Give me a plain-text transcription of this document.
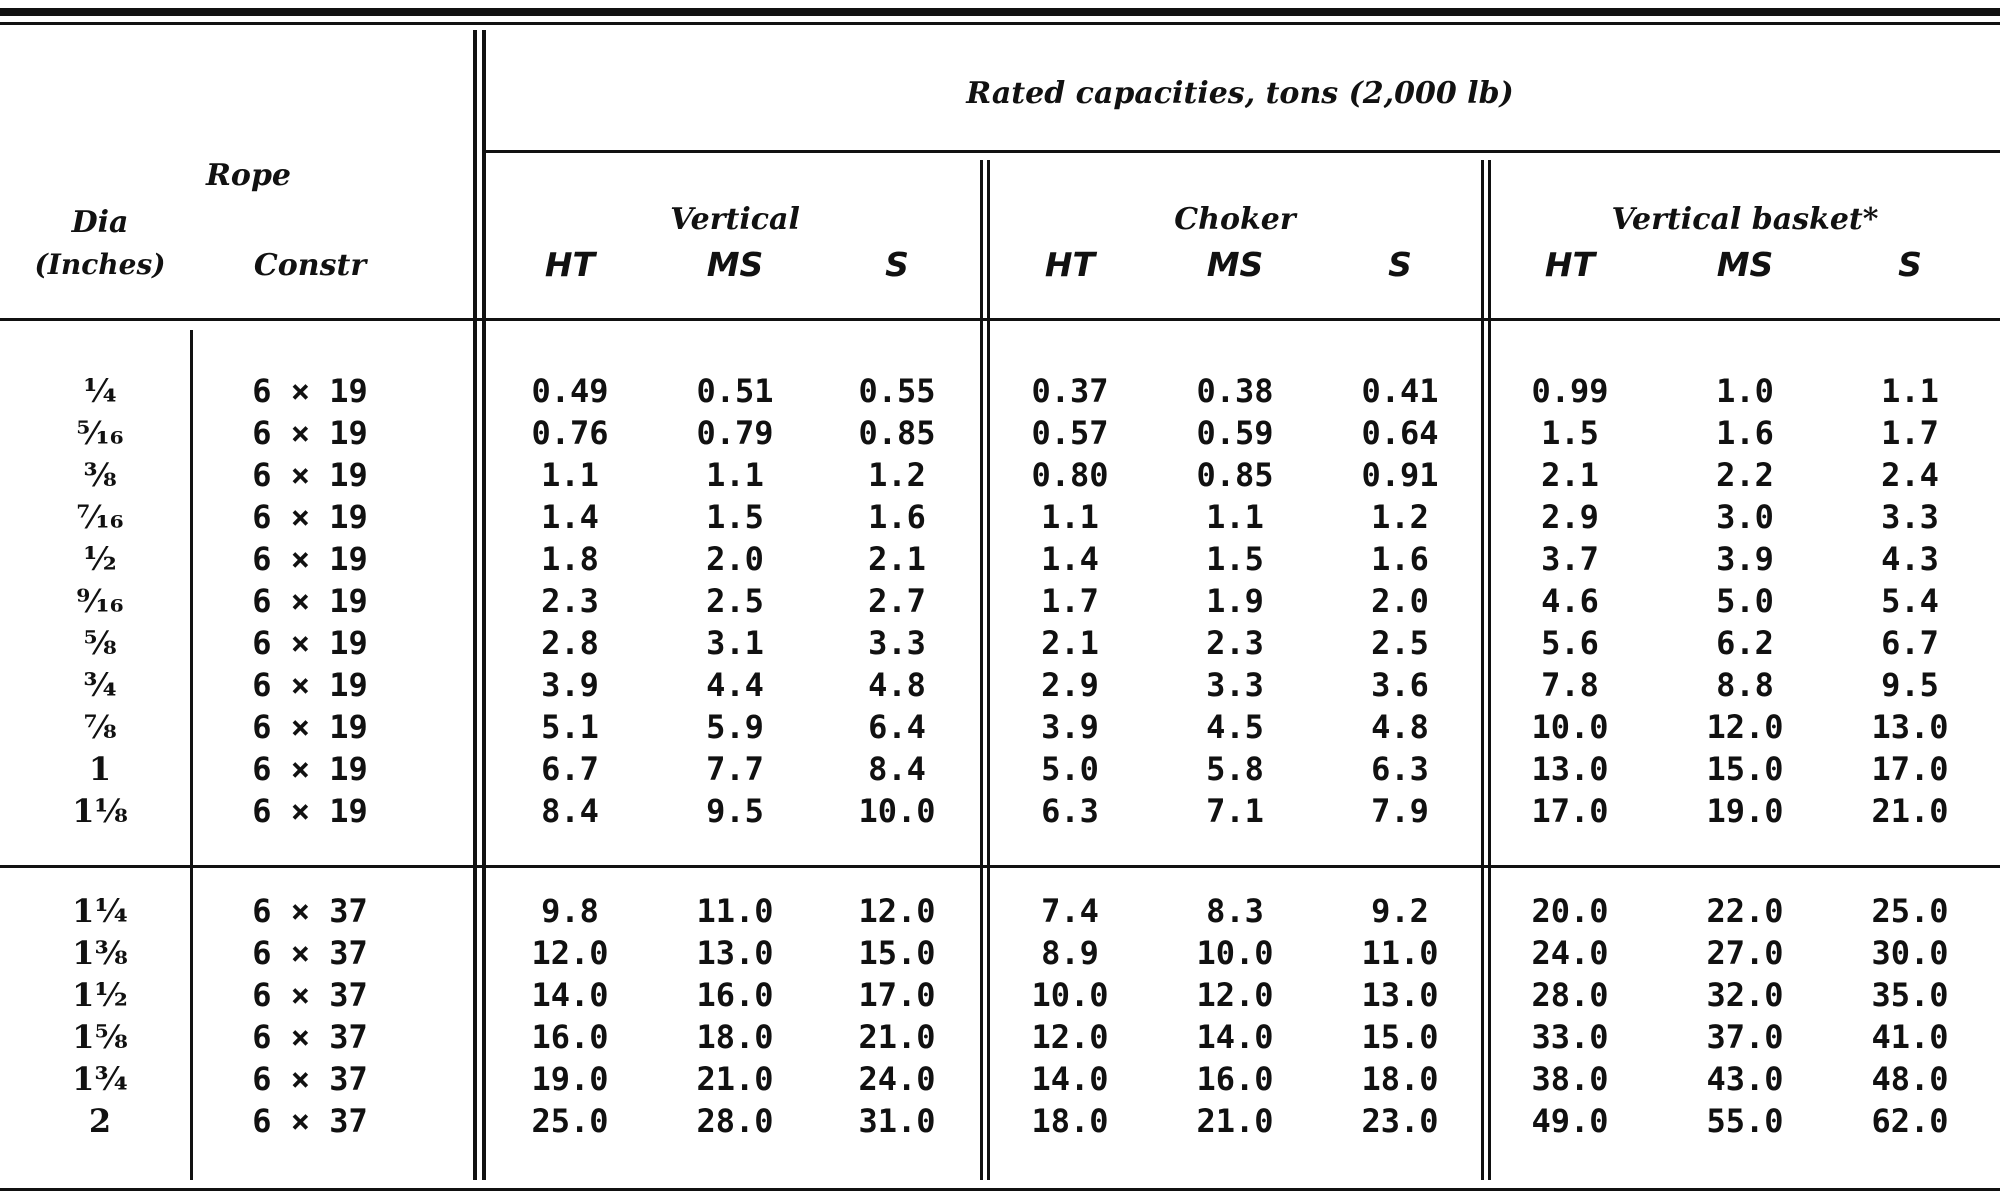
Rope
Dia
(Inches)	Constr
Rated capacities, tons (2,000 lb)
Vertical	Choker	Vertical basket*
HT	MS	S	HT	MS	S	HT	MS	S
¼	6 × 19	0.49	0.51	0.55	0.37	0.38	0.41	0.99	1.0	1.1
⁵⁄₁₆	6 × 19	0.76	0.79	0.85	0.57	0.59	0.64	1.5	1.6	1.7
⅜	6 × 19	1.1	1.1	1.2	0.80	0.85	0.91	2.1	2.2	2.4
⁷⁄₁₆	6 × 19	1.4	1.5	1.6	1.1	1.1	1.2	2.9	3.0	3.3
½	6 × 19	1.8	2.0	2.1	1.4	1.5	1.6	3.7	3.9	4.3
⁹⁄₁₆	6 × 19	2.3	2.5	2.7	1.7	1.9	2.0	4.6	5.0	5.4
⅝	6 × 19	2.8	3.1	3.3	2.1	2.3	2.5	5.6	6.2	6.7
¾	6 × 19	3.9	4.4	4.8	2.9	3.3	3.6	7.8	8.8	9.5
⅞	6 × 19	5.1	5.9	6.4	3.9	4.5	4.8	10.0	12.0	13.0
1	6 × 19	6.7	7.7	8.4	5.0	5.8	6.3	13.0	15.0	17.0
1⅛	6 × 19	8.4	9.5	10.0	6.3	7.1	7.9	17.0	19.0	21.0
1¼	6 × 37	9.8	11.0	12.0	7.4	8.3	9.2	20.0	22.0	25.0
1⅜	6 × 37	12.0	13.0	15.0	8.9	10.0	11.0	24.0	27.0	30.0
1½	6 × 37	14.0	16.0	17.0	10.0	12.0	13.0	28.0	32.0	35.0
1⅝	6 × 37	16.0	18.0	21.0	12.0	14.0	15.0	33.0	37.0	41.0
1¾	6 × 37	19.0	21.0	24.0	14.0	16.0	18.0	38.0	43.0	48.0
2	6 × 37	25.0	28.0	31.0	18.0	21.0	23.0	49.0	55.0	62.0
